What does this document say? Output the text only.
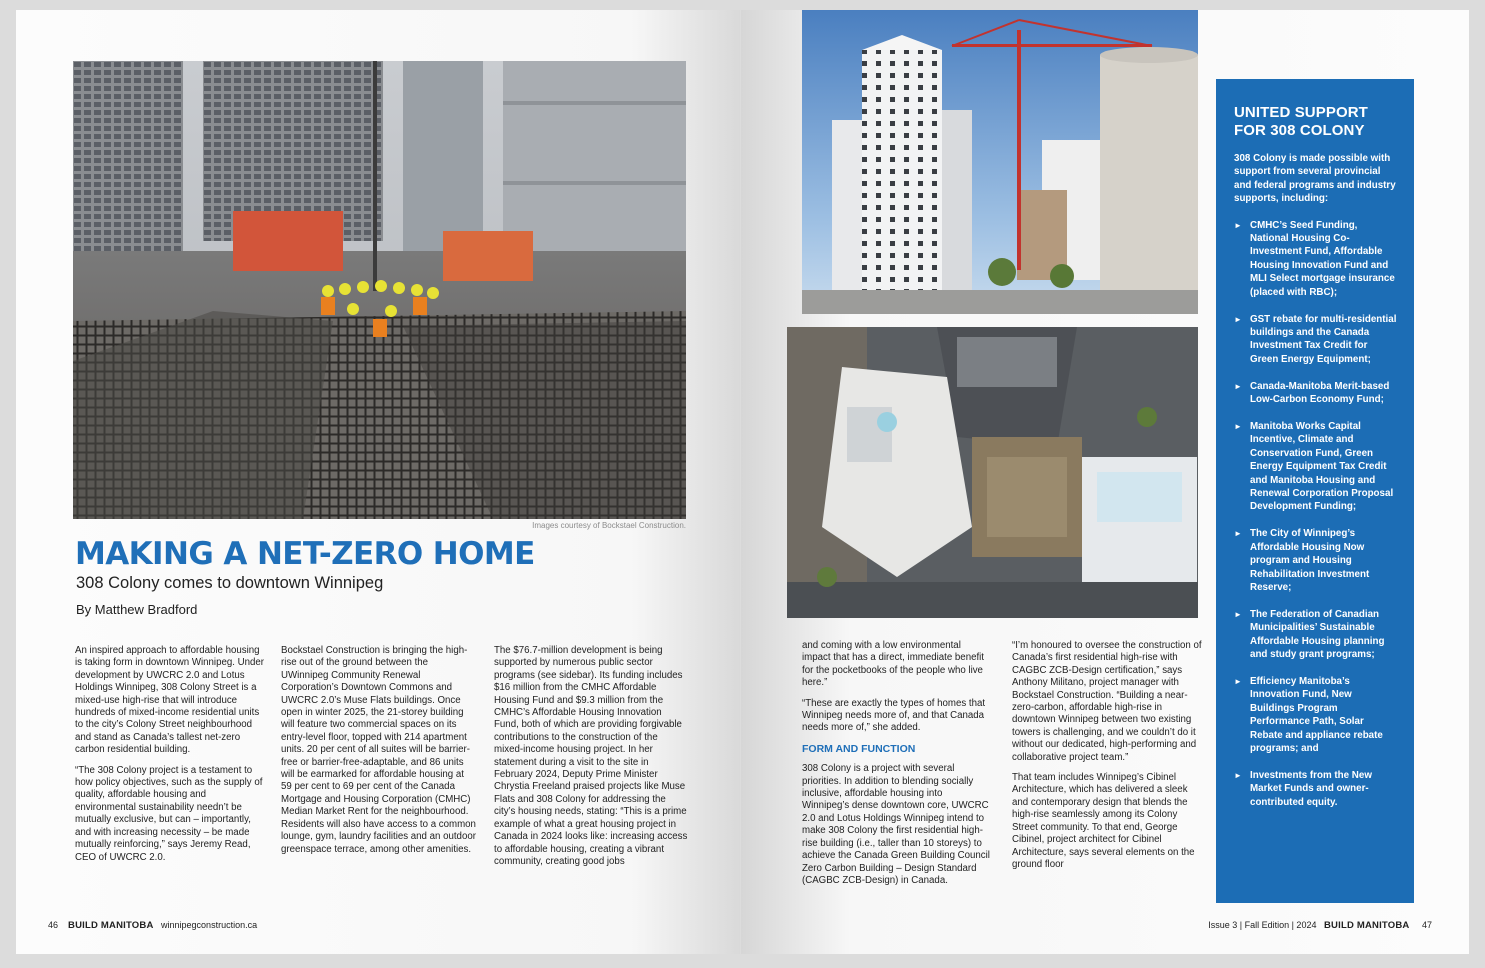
Images courtesy of Bockstael Construction.
MAKING A NET-ZERO HOME
308 Colony comes to downtown Winnipeg
By Matthew Bradford

An inspired approach to affordable housing is taking form in downtown Winnipeg. Under development by UWCRC 2.0 and Lotus Holdings Winnipeg, 308 Colony Street is a mixed-use high-rise that will introduce hundreds of mixed-income residential units to the city’s Colony Street neighbourhood and stand as Canada’s tallest net-zero carbon residential building.

“The 308 Colony project is a testament to how policy objectives, such as the supply of quality, affordable housing and environmental sustainability needn’t be mutually exclusive, but can – importantly, and with increasing necessity – be made mutually reinforcing,” says Jeremy Read, CEO of UWCRC 2.0.

Bockstael Construction is bringing the high-rise out of the ground between the UWinnipeg Community Renewal Corporation’s Downtown Commons and UWCRC 2.0’s Muse Flats buildings. Once open in winter 2025, the 21-storey building will feature two commercial spaces on its entry-level floor, topped with 214 apartment units. 20 per cent of all suites will be barrier-free or barrier-free-adaptable, and 86 units will be earmarked for affordable housing at 59 per cent to 69 per cent of the Canada Mortgage and Housing Corporation (CMHC) Median Market Rent for the neighbourhood. Residents will also have access to a common lounge, gym, laundry facilities and an outdoor greenspace terrace, among other amenities.

The $76.7-million development is being supported by numerous public sector programs (see sidebar). Its funding includes $16 million from the CMHC Affordable Housing Fund and $9.3 million from the CMHC’s Affordable Housing Innovation Fund, both of which are providing forgivable contributions to the construction of the mixed-income housing project. In her statement during a visit to the site in February 2024, Deputy Prime Minister Chrystia Freeland praised projects like Muse Flats and 308 Colony for addressing the city’s housing needs, stating: “This is a prime example of what a great housing project in Canada in 2024 looks like: increasing access to affordable housing, creating a vibrant community, creating good jobs

46 BUILD MANITOBA winnipegconstruction.ca

and coming with a low environmental impact that has a direct, immediate benefit for the pocketbooks of the people who live here.”

“These are exactly the types of homes that Winnipeg needs more of, and that Canada needs more of,” she added.

FORM AND FUNCTION

308 Colony is a project with several priorities. In addition to blending socially inclusive, affordable housing into Winnipeg’s dense downtown core, UWCRC 2.0 and Lotus Holdings Winnipeg intend to make 308 Colony the first residential high-rise building (i.e., taller than 10 storeys) to achieve the Canada Green Building Council Zero Carbon Building – Design Standard (CAGBC ZCB-Design) in Canada.

“I’m honoured to oversee the construction of Canada’s first residential high-rise with CAGBC ZCB-Design certification,” says Anthony Militano, project manager with Bockstael Construction. “Building a near-zero-carbon, affordable high-rise in downtown Winnipeg between two existing towers is challenging, and we couldn’t do it without our dedicated, high-performing and collaborative project team.”

That team includes Winnipeg’s Cibinel Architecture, which has delivered a sleek and contemporary design that blends the high-rise seamlessly among its Colony Street community. To that end, George Cibinel, project architect for Cibinel Architecture, says several elements on the ground floor

UNITED SUPPORT FOR 308 COLONY

308 Colony is made possible with support from several provincial and federal programs and industry supports, including:

► CMHC’s Seed Funding, National Housing Co-Investment Fund, Affordable Housing Innovation Fund and MLI Select mortgage insurance (placed with RBC);
► GST rebate for multi-residential buildings and the Canada Investment Tax Credit for Green Energy Equipment;
► Canada-Manitoba Merit-based Low-Carbon Economy Fund;
► Manitoba Works Capital Incentive, Climate and Conservation Fund, Green Energy Equipment Tax Credit and Manitoba Housing and Renewal Corporation Proposal Development Funding;
► The City of Winnipeg’s Affordable Housing Now program and Housing Rehabilitation Investment Reserve;
► The Federation of Canadian Municipalities’ Sustainable Affordable Housing planning and study grant programs;
► Efficiency Manitoba’s Innovation Fund, New Buildings Program Performance Path, Solar Rebate and appliance rebate programs; and
► Investments from the New Market Funds and owner-contributed equity.
Issue 3 | Fall Edition | 2024 BUILD MANITOBA 47
